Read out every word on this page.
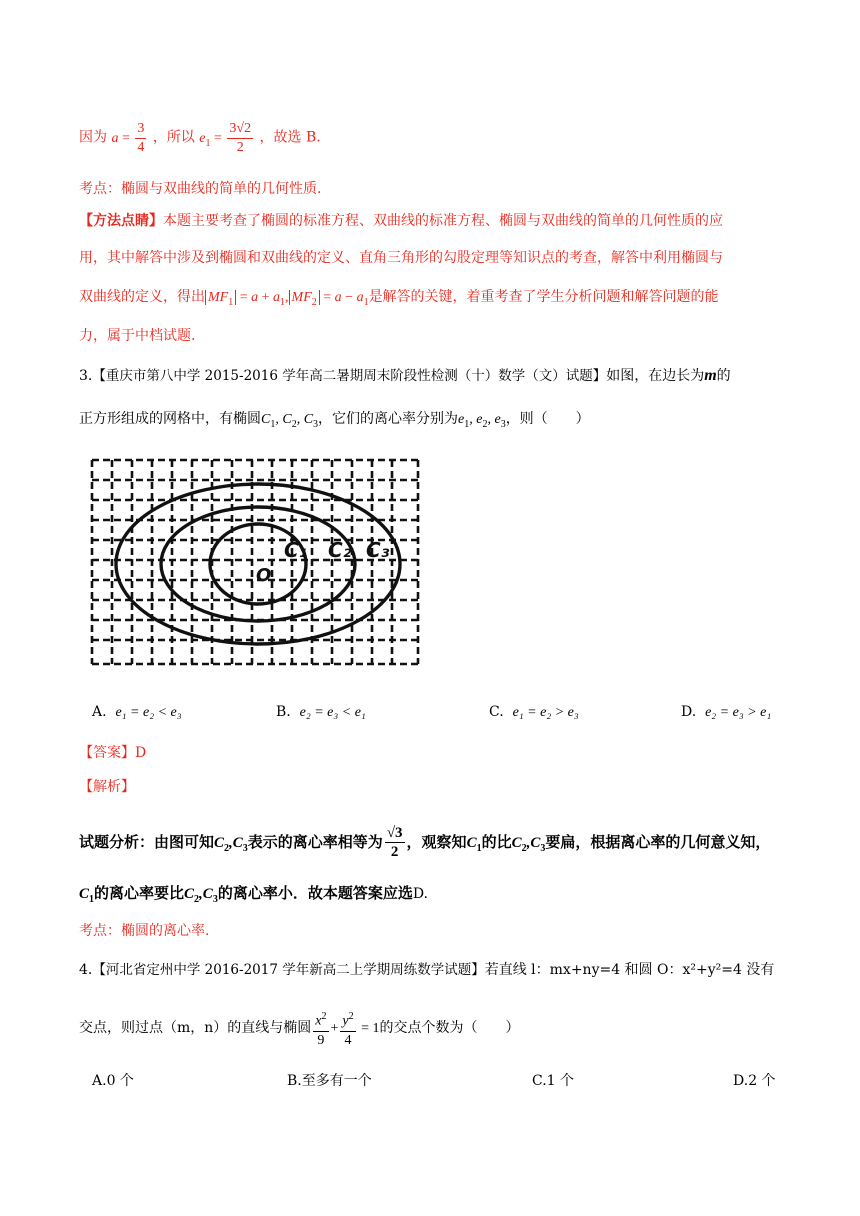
因为 $a = \frac{3}{4}$ ，所以 $e_1 = \frac{3√2}{2}$ ，故选 B.
考点：椭圆与双曲线的简单的几何性质.
【方法点睛】本题主要考查了椭圆的标准方程、双曲线的标准方程、椭圆与双曲线的简单的几何性质的应
用，其中解答中涉及到椭圆和双曲线的定义、直角三角形的勾股定理等知识点的考查，解答中利用椭圆与
双曲线的定义，得出 $MF_1 = a + a_1$, $MF_2 = a - a_1$是解答的关键，着重考查了学生分析问题和解答问题的能
力，属于中档试题.
3.【重庆市第八中学 2015-2016 学年高二暑期周末阶段性检测（十）数学（文）试题】如图，在边长为m的
正方形组成的网格中，有椭圆$C_1$, $C_2$, $C_3$，它们的离心率分别为$e_1$, $e_2$, $e_3$，则（　　）
O
C₁ C₂ C₃
A. e₁ = e₂ < e₃	B. e₂ = e₃ < e₁	C. e₁ = e₂ > e₃	D. e₂ = e₃ > e₁
【答案】D
【解析】
试题分析：由图可知$C_2,C_3$表示的离心率相等为 $\frac{√3}{2}$ ，观察知$C_1$的比$C_2,C_3$要扁，根据离心率的几何意义知，
$C_1$的离心率要比$C_2,C_3$的离心率小．故本题答案应选D.
考点：椭圆的离心率.
4.【河北省定州中学 2016-2017 学年新高二上学期周练数学试题】若直线 l：mx+ny=4 和圆 O：x²+y²=4 没有
交点，则过点（m，n）的直线与椭圆 $\frac{x^2}{9} + \frac{y^2}{4} = 1$的交点个数为（　　）
A.0 个	B.至多有一个	C.1 个	D.2 个
